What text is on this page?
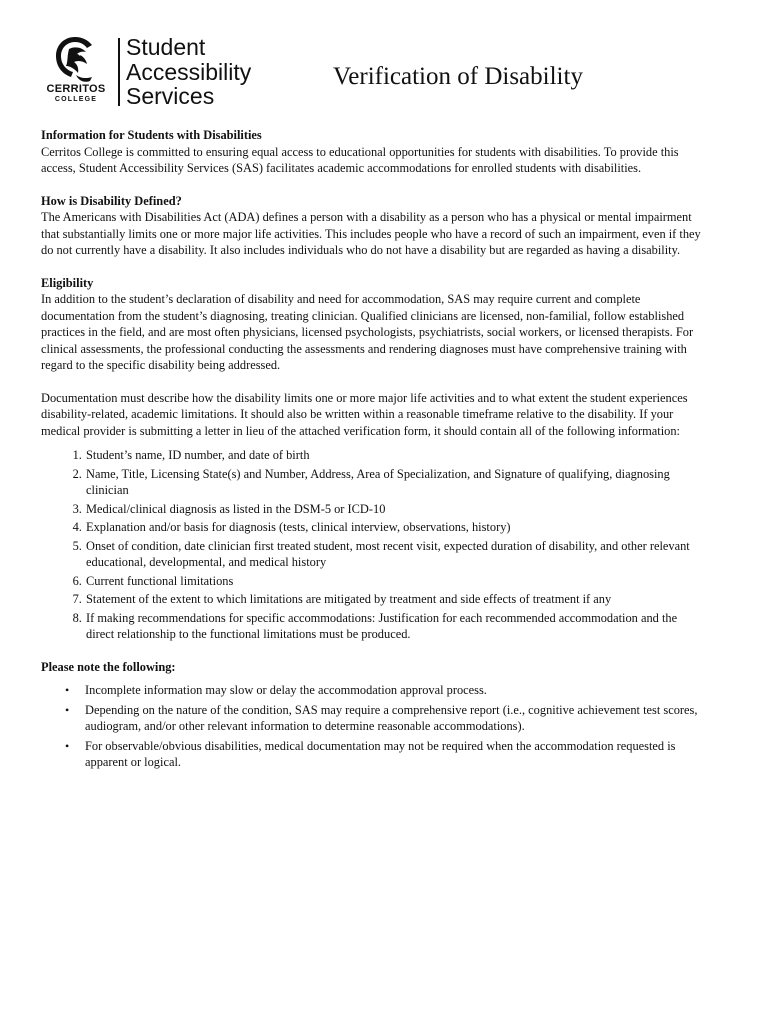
CERRITOS
COLLEGE
Student
Accessibility
Services
Verification of Disability

Information for Students with Disabilities

Cerritos College is committed to ensuring equal access to educational opportunities for students with disabilities. To provide this access, Student Accessibility Services (SAS) facilitates academic accommodations for enrolled students with disabilities.

How is Disability Defined?

The Americans with Disabilities Act (ADA) defines a person with a disability as a person who has a physical or mental impairment that substantially limits one or more major life activities. This includes people who have a record of such an impairment, even if they do not currently have a disability. It also includes individuals who do not have a disability but are regarded as having a disability.

Eligibility

In addition to the student’s declaration of disability and need for accommodation, SAS may require current and complete documentation from the student’s diagnosing, treating clinician. Qualified clinicians are licensed, non-familial, follow established practices in the field, and are most often physicians, licensed psychologists, psychiatrists, social workers, or licensed therapists. For clinical assessments, the professional conducting the assessments and rendering diagnoses must have comprehensive training with regard to the specific disability being addressed.

Documentation must describe how the disability limits one or more major life activities and to what extent the student experiences disability-related, academic limitations. It should also be written within a reasonable timeframe relative to the disability. If your medical provider is submitting a letter in lieu of the attached verification form, it should contain all of the following information:

1. Student’s name, ID number, and date of birth
2. Name, Title, Licensing State(s) and Number, Address, Area of Specialization, and Signature of qualifying, diagnosing clinician
3. Medical/clinical diagnosis as listed in the DSM-5 or ICD-10
4. Explanation and/or basis for diagnosis (tests, clinical interview, observations, history)
5. Onset of condition, date clinician first treated student, most recent visit, expected duration of disability, and other relevant educational, developmental, and medical history
6. Current functional limitations
7. Statement of the extent to which limitations are mitigated by treatment and side effects of treatment if any
8. If making recommendations for specific accommodations: Justification for each recommended accommodation and the direct relationship to the functional limitations must be produced.

Please note the following:

• Incomplete information may slow or delay the accommodation approval process.
• Depending on the nature of the condition, SAS may require a comprehensive report (i.e., cognitive achievement test scores, audiogram, and/or other relevant information to determine reasonable accommodations).
• For observable/obvious disabilities, medical documentation may not be required when the accommodation requested is apparent or logical.
